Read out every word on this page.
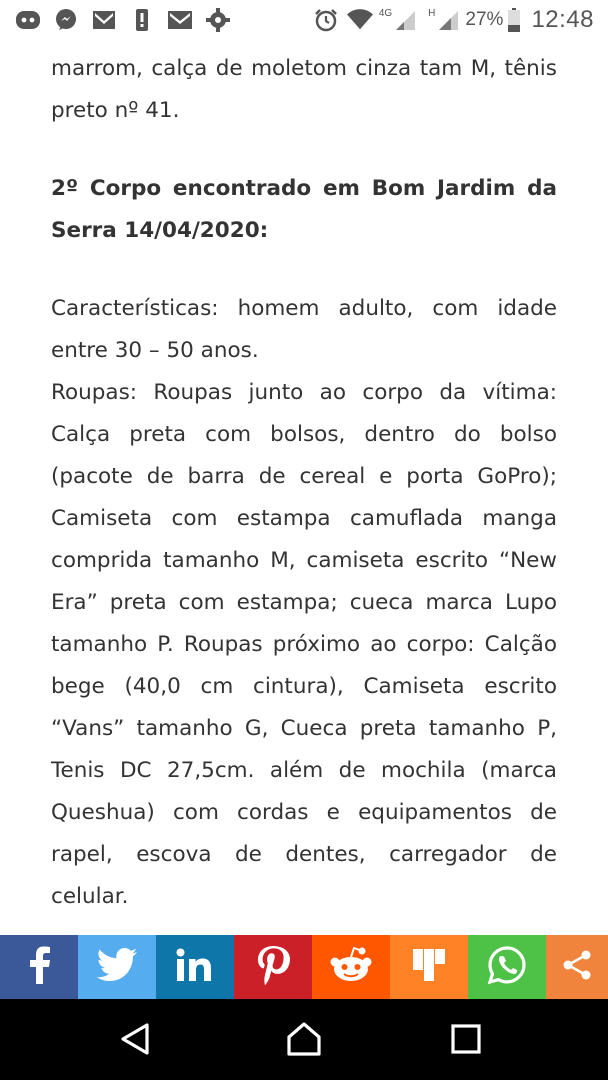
4G	H 27% 12:48

marrom, calça de moletom cinza tam M, tênis preto nº 41.

2º Corpo encontrado em Bom Jardim da Serra 14/04/2020:

Características: homem adulto, com idade entre 30 – 50 anos.

Roupas: Roupas junto ao corpo da vítima: Calça preta com bolsos, dentro do bolso (pacote de barra de cereal e porta GoPro); Camiseta com estampa camuflada manga comprida tamanho M, camiseta escrito “New Era” preta com estampa; cueca marca Lupo tamanho P. Roupas próximo ao corpo: Calção bege (40,0 cm cintura), Camiseta escrito “Vans” tamanho G, Cueca preta tamanho P, Tenis DC 27,5cm. além de mochila (marca Queshua) com cordas e equipamentos de rapel, escova de dentes, carregador de celular.
